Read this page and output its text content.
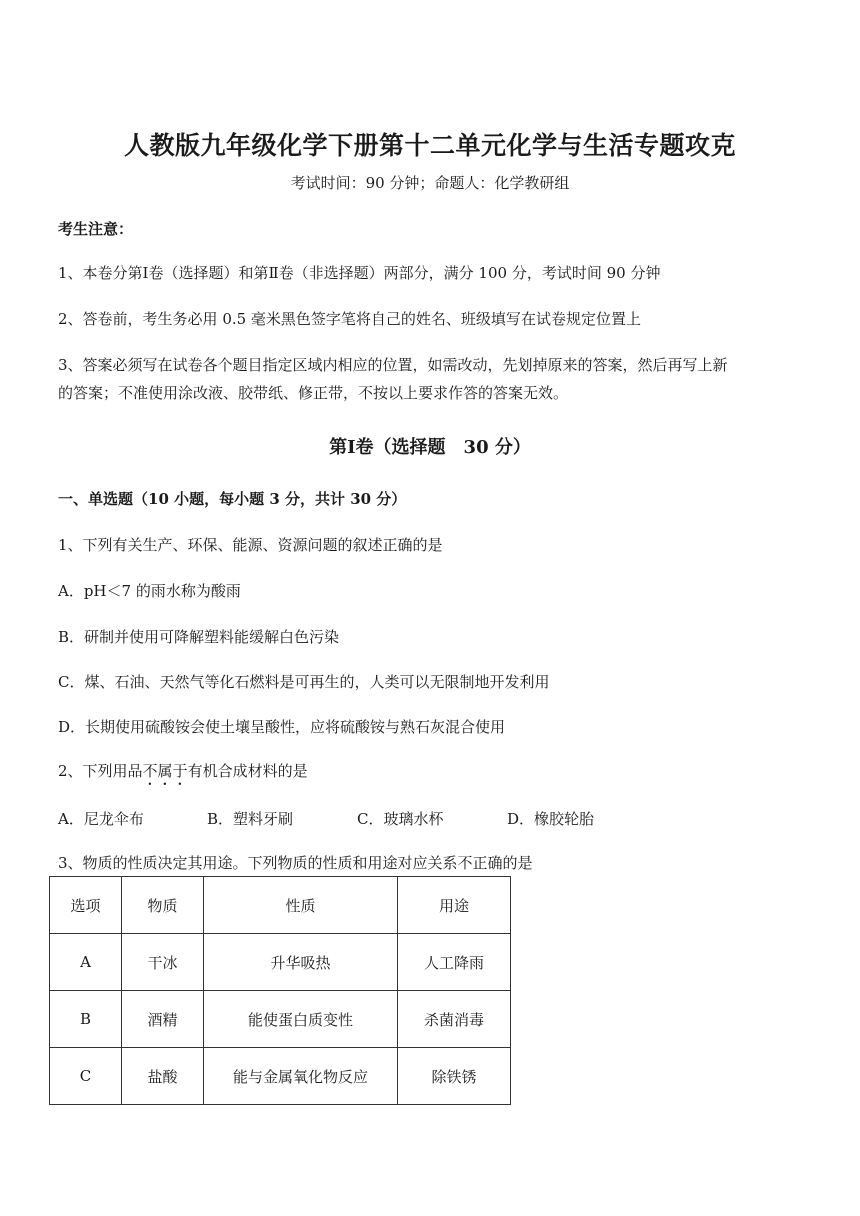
人教版九年级化学下册第十二单元化学与生活专题攻克
考试时间：90 分钟；命题人：化学教研组
考生注意：
1、本卷分第Ⅰ卷（选择题）和第Ⅱ卷（非选择题）两部分，满分 100 分，考试时间 90 分钟
2、答卷前，考生务必用 0.5 毫米黑色签字笔将自己的姓名、班级填写在试卷规定位置上
3、答案必须写在试卷各个题目指定区域内相应的位置，如需改动，先划掉原来的答案，然后再写上新
的答案；不准使用涂改液、胶带纸、修正带，不按以上要求作答的答案无效。
第Ⅰ卷（选择题　30 分）
一、单选题（10 小题，每小题 3 分，共计 30 分）
1、下列有关生产、环保、能源、资源问题的叙述正确的是
A．pH＜7 的雨水称为酸雨
B．研制并使用可降解塑料能缓解白色污染
C．煤、石油、天然气等化石燃料是可再生的，人类可以无限制地开发利用
D．长期使用硫酸铵会使土壤呈酸性，应将硫酸铵与熟石灰混合使用
2、下列用品不属于有机合成材料的是
A．尼龙伞布	B．塑料牙刷	C．玻璃水杯	D．橡胶轮胎
3、物质的性质决定其用途。下列物质的性质和用途对应关系不正确的是
选项	物质	性质	用途
A	干冰	升华吸热	人工降雨
B	酒精	能使蛋白质变性	杀菌消毒
C	盐酸	能与金属氧化物反应	除铁锈
